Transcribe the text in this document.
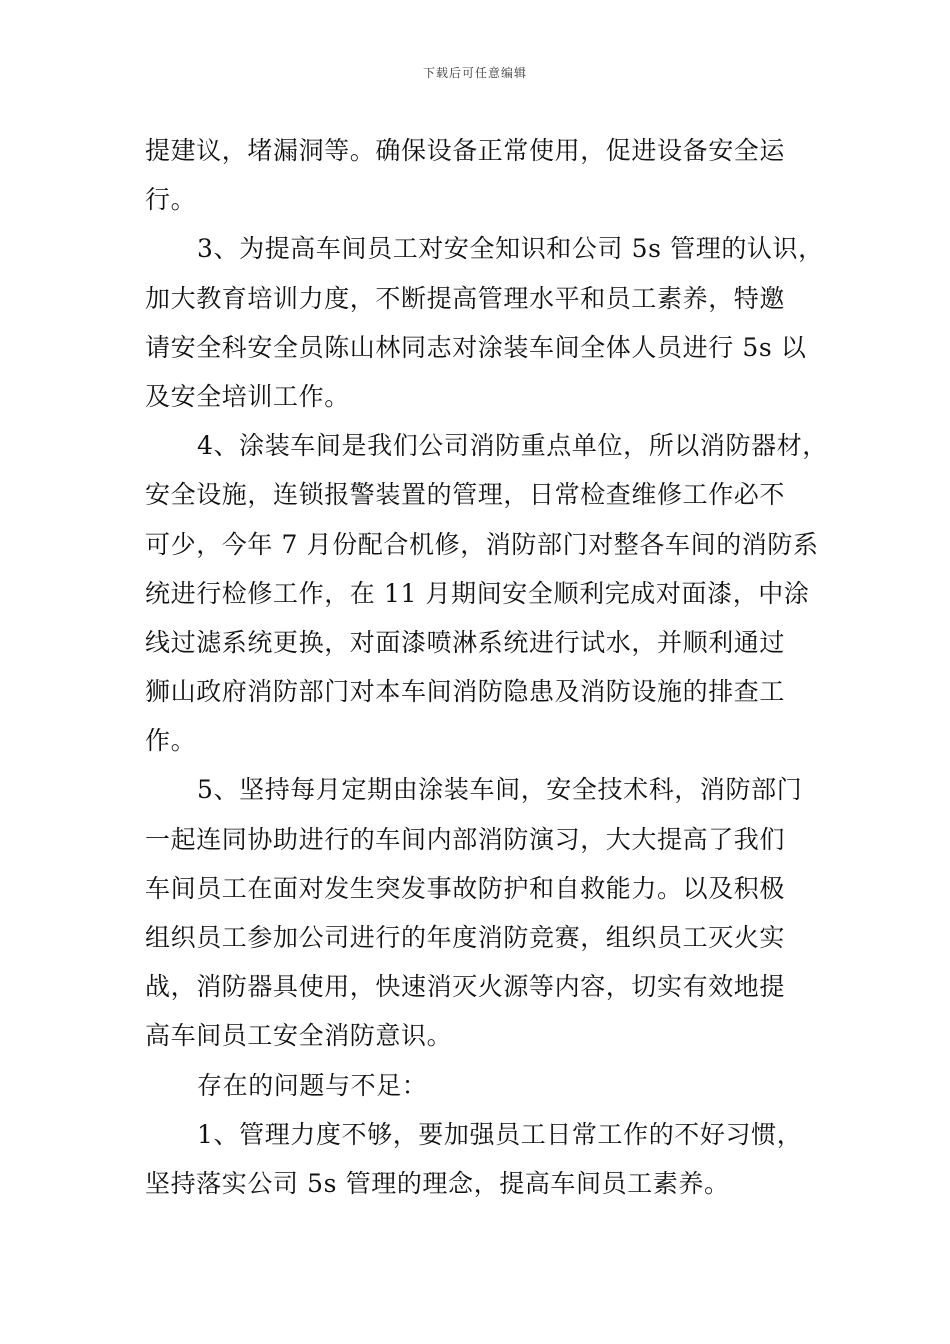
下载后可任意编辑
提建议，堵漏洞等。确保设备正常使用，促进设备安全运
行。
3、为提高车间员工对安全知识和公司 5s 管理的认识，
加大教育培训力度，不断提高管理水平和员工素养，特邀
请安全科安全员陈山林同志对涂装车间全体人员进行 5s 以
及安全培训工作。
4、涂装车间是我们公司消防重点单位，所以消防器材，
安全设施，连锁报警装置的管理，日常检查维修工作必不
可少，今年 7 月份配合机修，消防部门对整各车间的消防系
统进行检修工作，在 11 月期间安全顺利完成对面漆，中涂
线过滤系统更换，对面漆喷淋系统进行试水，并顺利通过
狮山政府消防部门对本车间消防隐患及消防设施的排查工
作。
5、坚持每月定期由涂装车间，安全技术科，消防部门
一起连同协助进行的车间内部消防演习，大大提高了我们
车间员工在面对发生突发事故防护和自救能力。以及积极
组织员工参加公司进行的年度消防竞赛，组织员工灭火实
战，消防器具使用，快速消灭火源等内容，切实有效地提
高车间员工安全消防意识。
存在的问题与不足：
1、管理力度不够，要加强员工日常工作的不好习惯，
坚持落实公司 5s 管理的理念，提高车间员工素养。
